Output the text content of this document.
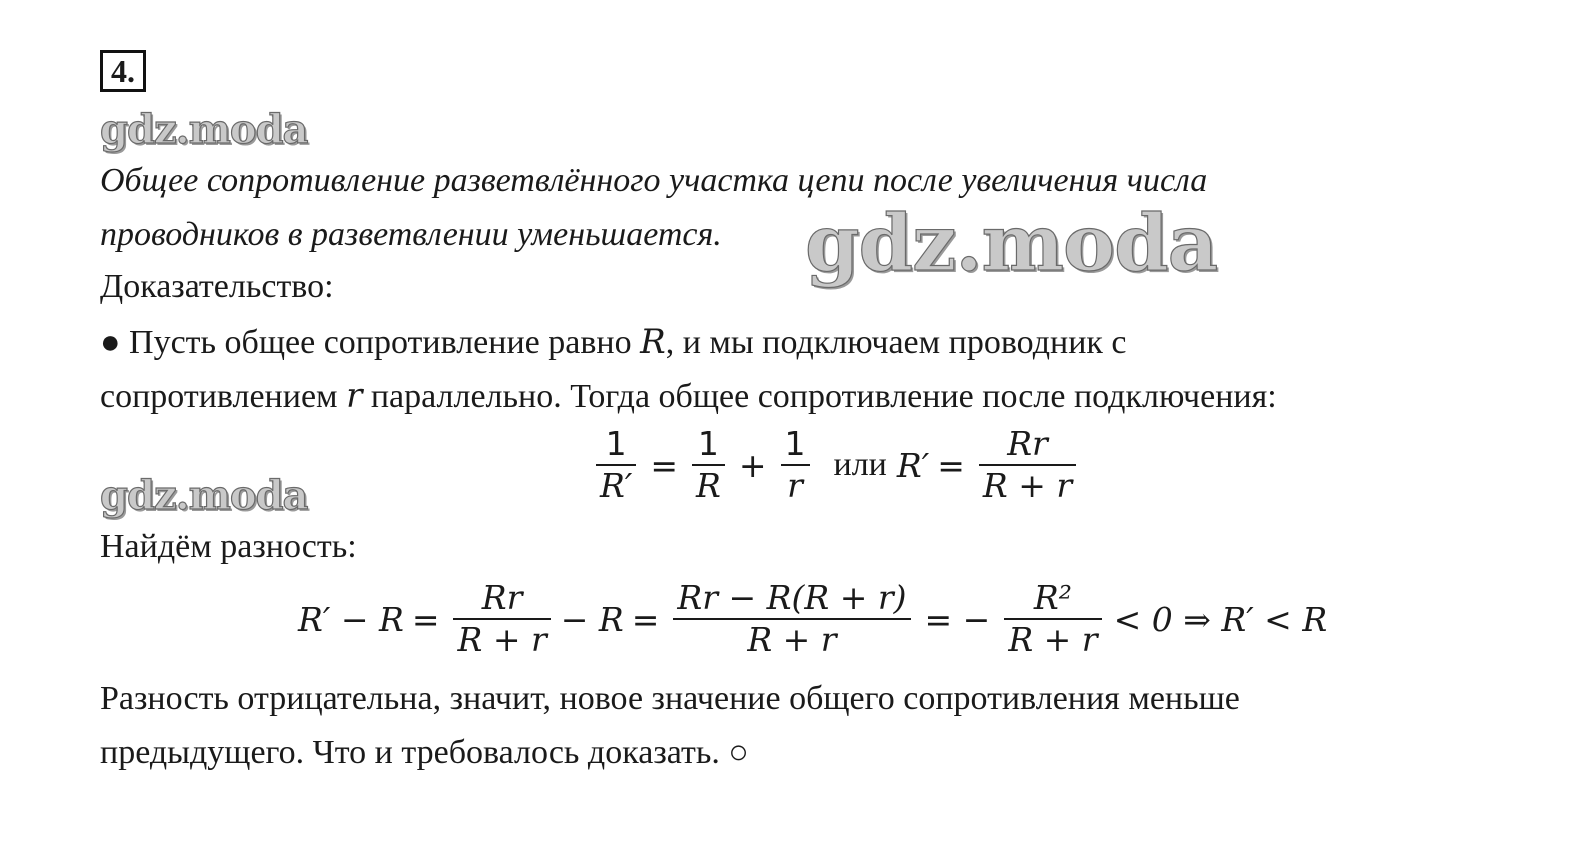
4.
gdz.moda
gdz.moda
gdz.moda
Общее сопротивление разветвлённого участка цепи после увеличения числа
проводников в разветвлении уменьшается.
Доказательство:
● Пусть общее сопротивление равно R, и мы подключаем проводник с
сопротивлением r параллельно. Тогда общее сопротивление после подключения:
$\frac{1}{R'} = \frac{1}{R} + \frac{1}{r}$ или $R' = \frac{Rr}{R + r}$
Найдём разность:
$R' - R = \frac{Rr}{R + r} - R = \frac{Rr - R(R + r)}{R + r}$ = − $\frac{\text{R²}}{R + r} < 0$ ⇒ R′ < R
Разность отрицательна, значит, новое значение общего сопротивления меньше
предыдущего. Что и требовалось доказать. ○
